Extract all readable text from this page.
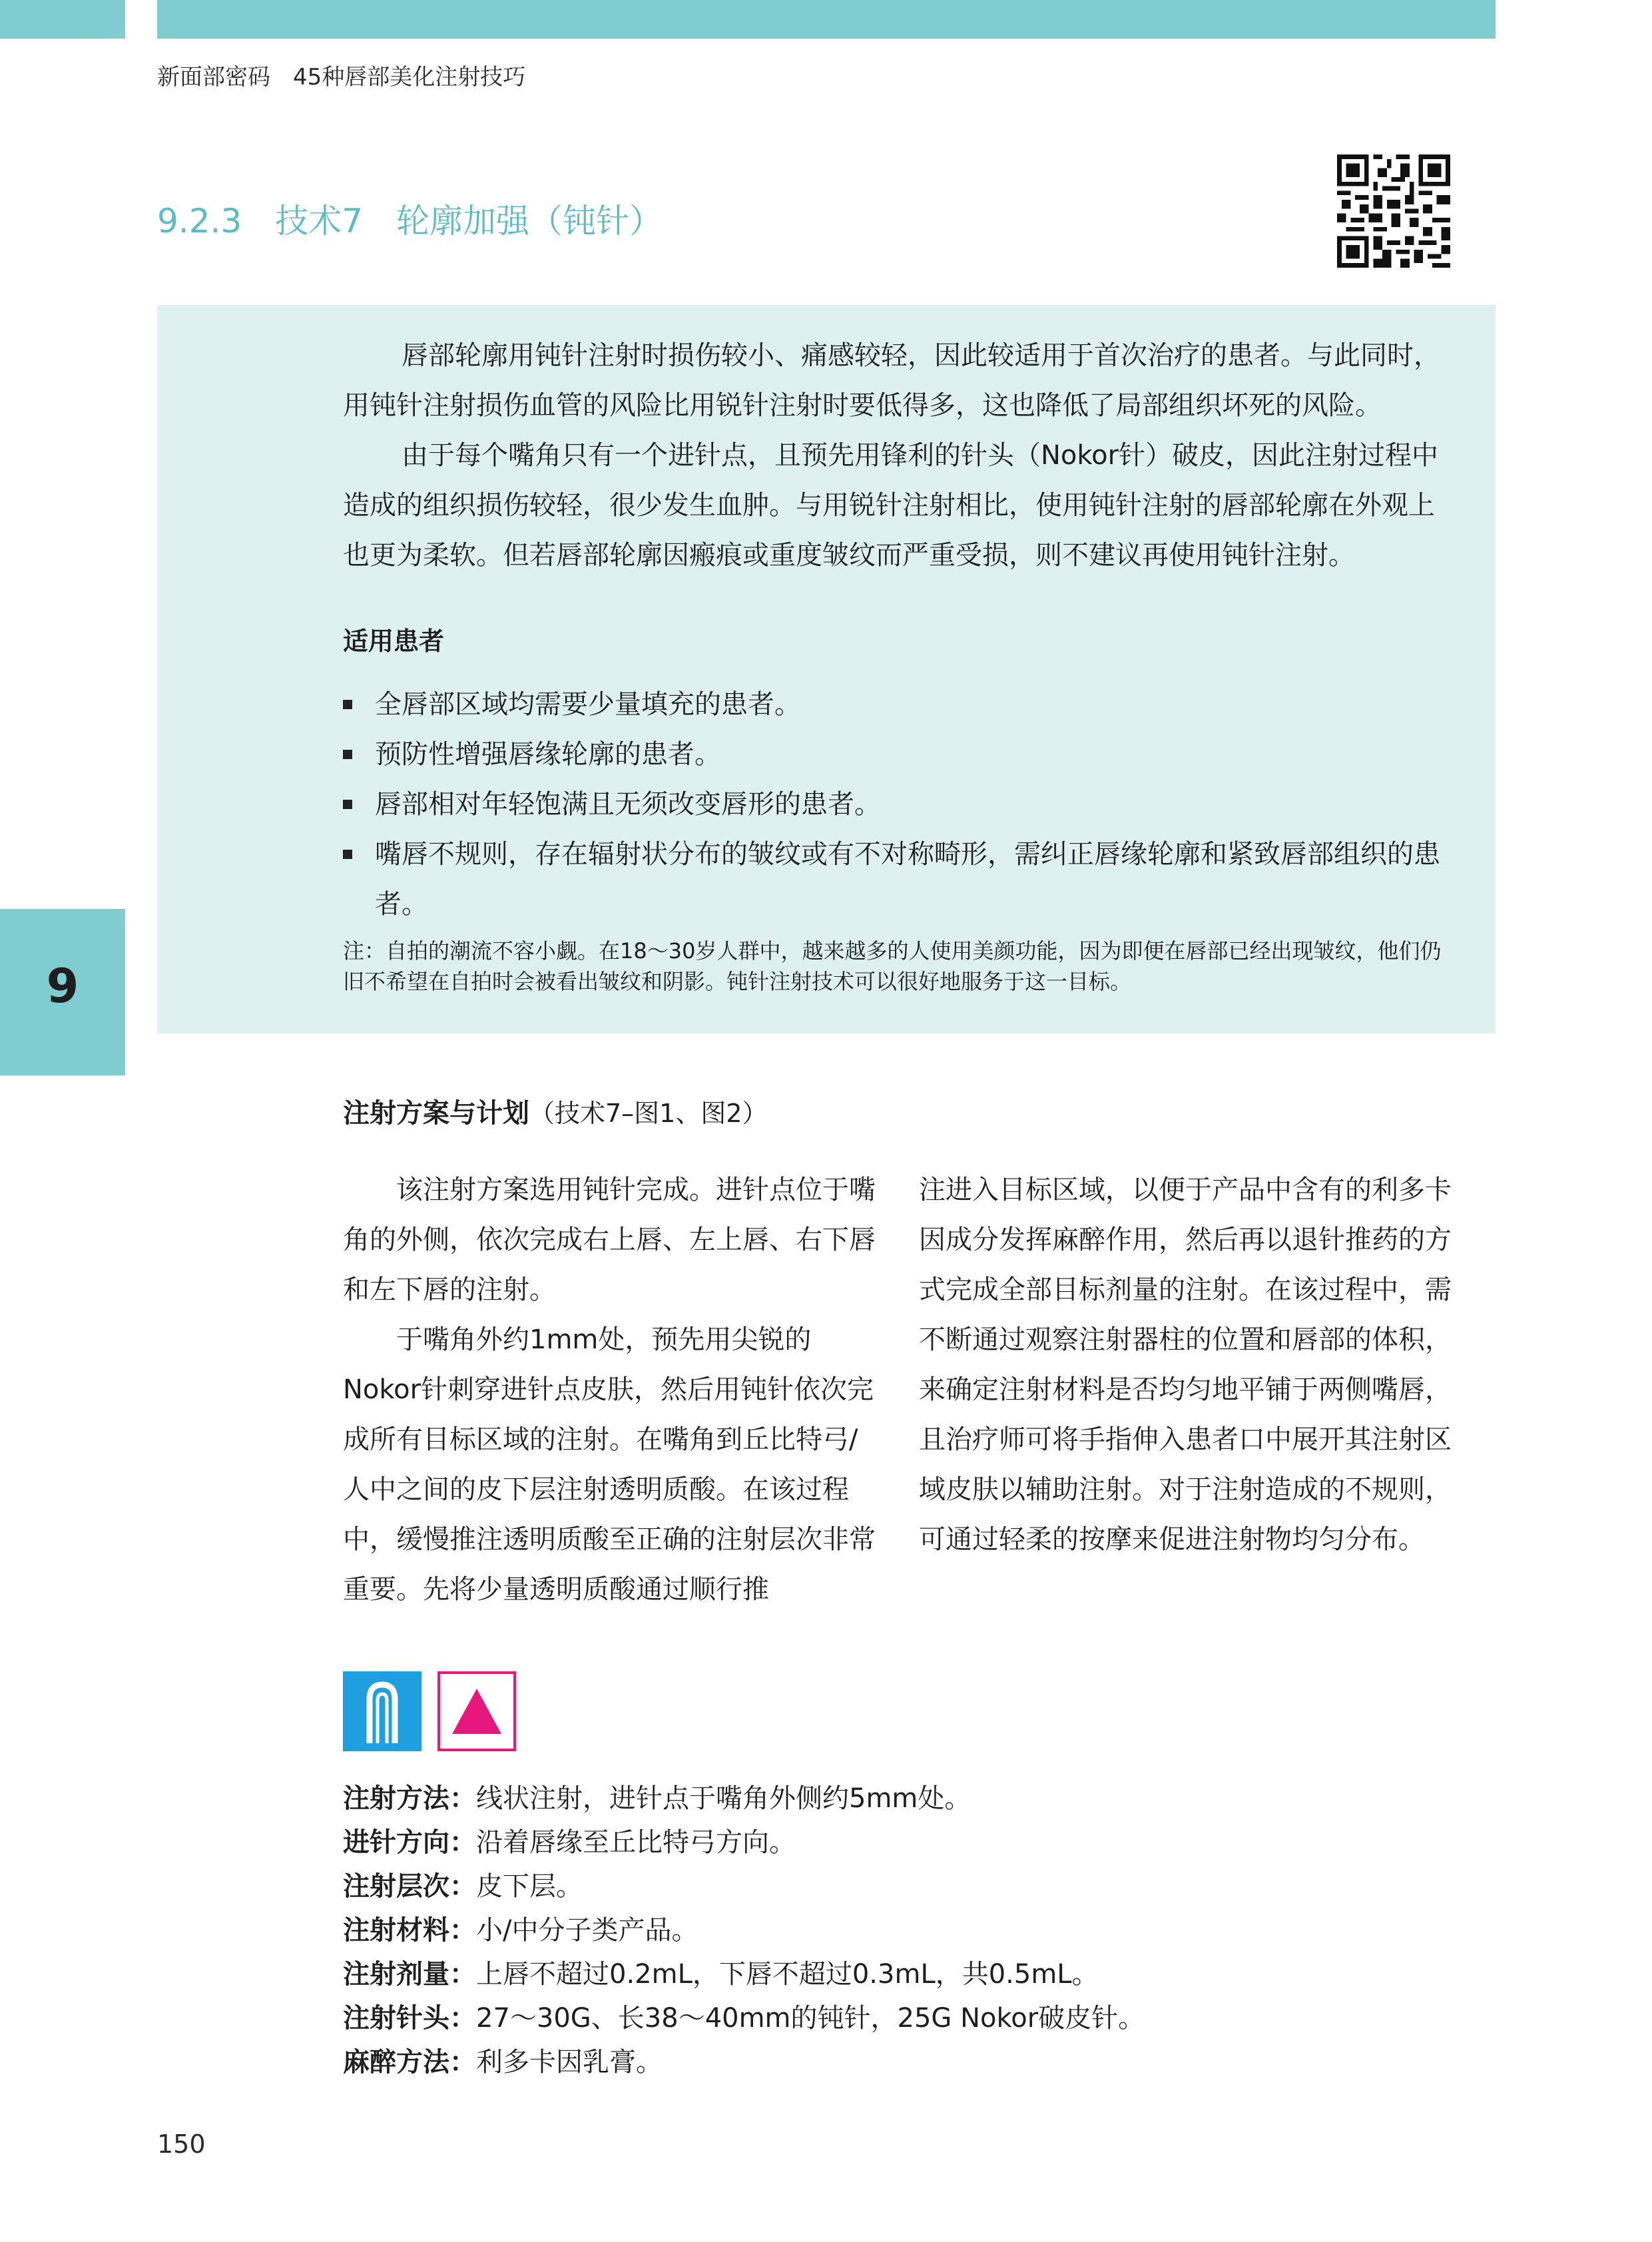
新面部密码　45种唇部美化注射技巧
9.2.3　技术7　轮廓加强（钝针）
唇部轮廓用钝针注射时损伤较小、痛感较轻，因此较适用于首次治疗的患者。与此同时，用钝针注射损伤血管的风险比用锐针注射时要低得多，这也降低了局部组织坏死的风险。
由于每个嘴角只有一个进针点，且预先用锋利的针头（Nokor针）破皮，因此注射过程中造成的组织损伤较轻，很少发生血肿。与用锐针注射相比，使用钝针注射的唇部轮廓在外观上也更为柔软。但若唇部轮廓因瘢痕或重度皱纹而严重受损，则不建议再使用钝针注射。
适用患者
全唇部区域均需要少量填充的患者。
预防性增强唇缘轮廓的患者。
唇部相对年轻饱满且无须改变唇形的患者。
嘴唇不规则，存在辐射状分布的皱纹或有不对称畸形，需纠正唇缘轮廓和紧致唇部组织的患者。
注：自拍的潮流不容小觑。在18～30岁人群中，越来越多的人使用美颜功能，因为即便在唇部已经出现皱纹，他们仍旧不希望在自拍时会被看出皱纹和阴影。钝针注射技术可以很好地服务于这一目标。
9
注射方案与计划（技术7–图1、图2）
该注射方案选用钝针完成。进针点位于嘴角的外侧，依次完成右上唇、左上唇、右下唇和左下唇的注射。
于嘴角外约1mm处，预先用尖锐的Nokor针刺穿进针点皮肤，然后用钝针依次完成所有目标区域的注射。在嘴角到丘比特弓/人中之间的皮下层注射透明质酸。在该过程中，缓慢推注透明质酸至正确的注射层次非常重要。先将少量透明质酸通过顺行推
注进入目标区域，以便于产品中含有的利多卡因成分发挥麻醉作用，然后再以退针推药的方式完成全部目标剂量的注射。在该过程中，需不断通过观察注射器柱的位置和唇部的体积，来确定注射材料是否均匀地平铺于两侧嘴唇，且治疗师可将手指伸入患者口中展开其注射区域皮肤以辅助注射。对于注射造成的不规则，可通过轻柔的按摩来促进注射物均匀分布。
注射方法：线状注射，进针点于嘴角外侧约5mm处。
进针方向：沿着唇缘至丘比特弓方向。
注射层次：皮下层。
注射材料：小/中分子类产品。
注射剂量：上唇不超过0.2mL，下唇不超过0.3mL，共0.5mL。
注射针头：27～30G、长38～40mm的钝针，25G Nokor破皮针。
麻醉方法：利多卡因乳膏。
150
